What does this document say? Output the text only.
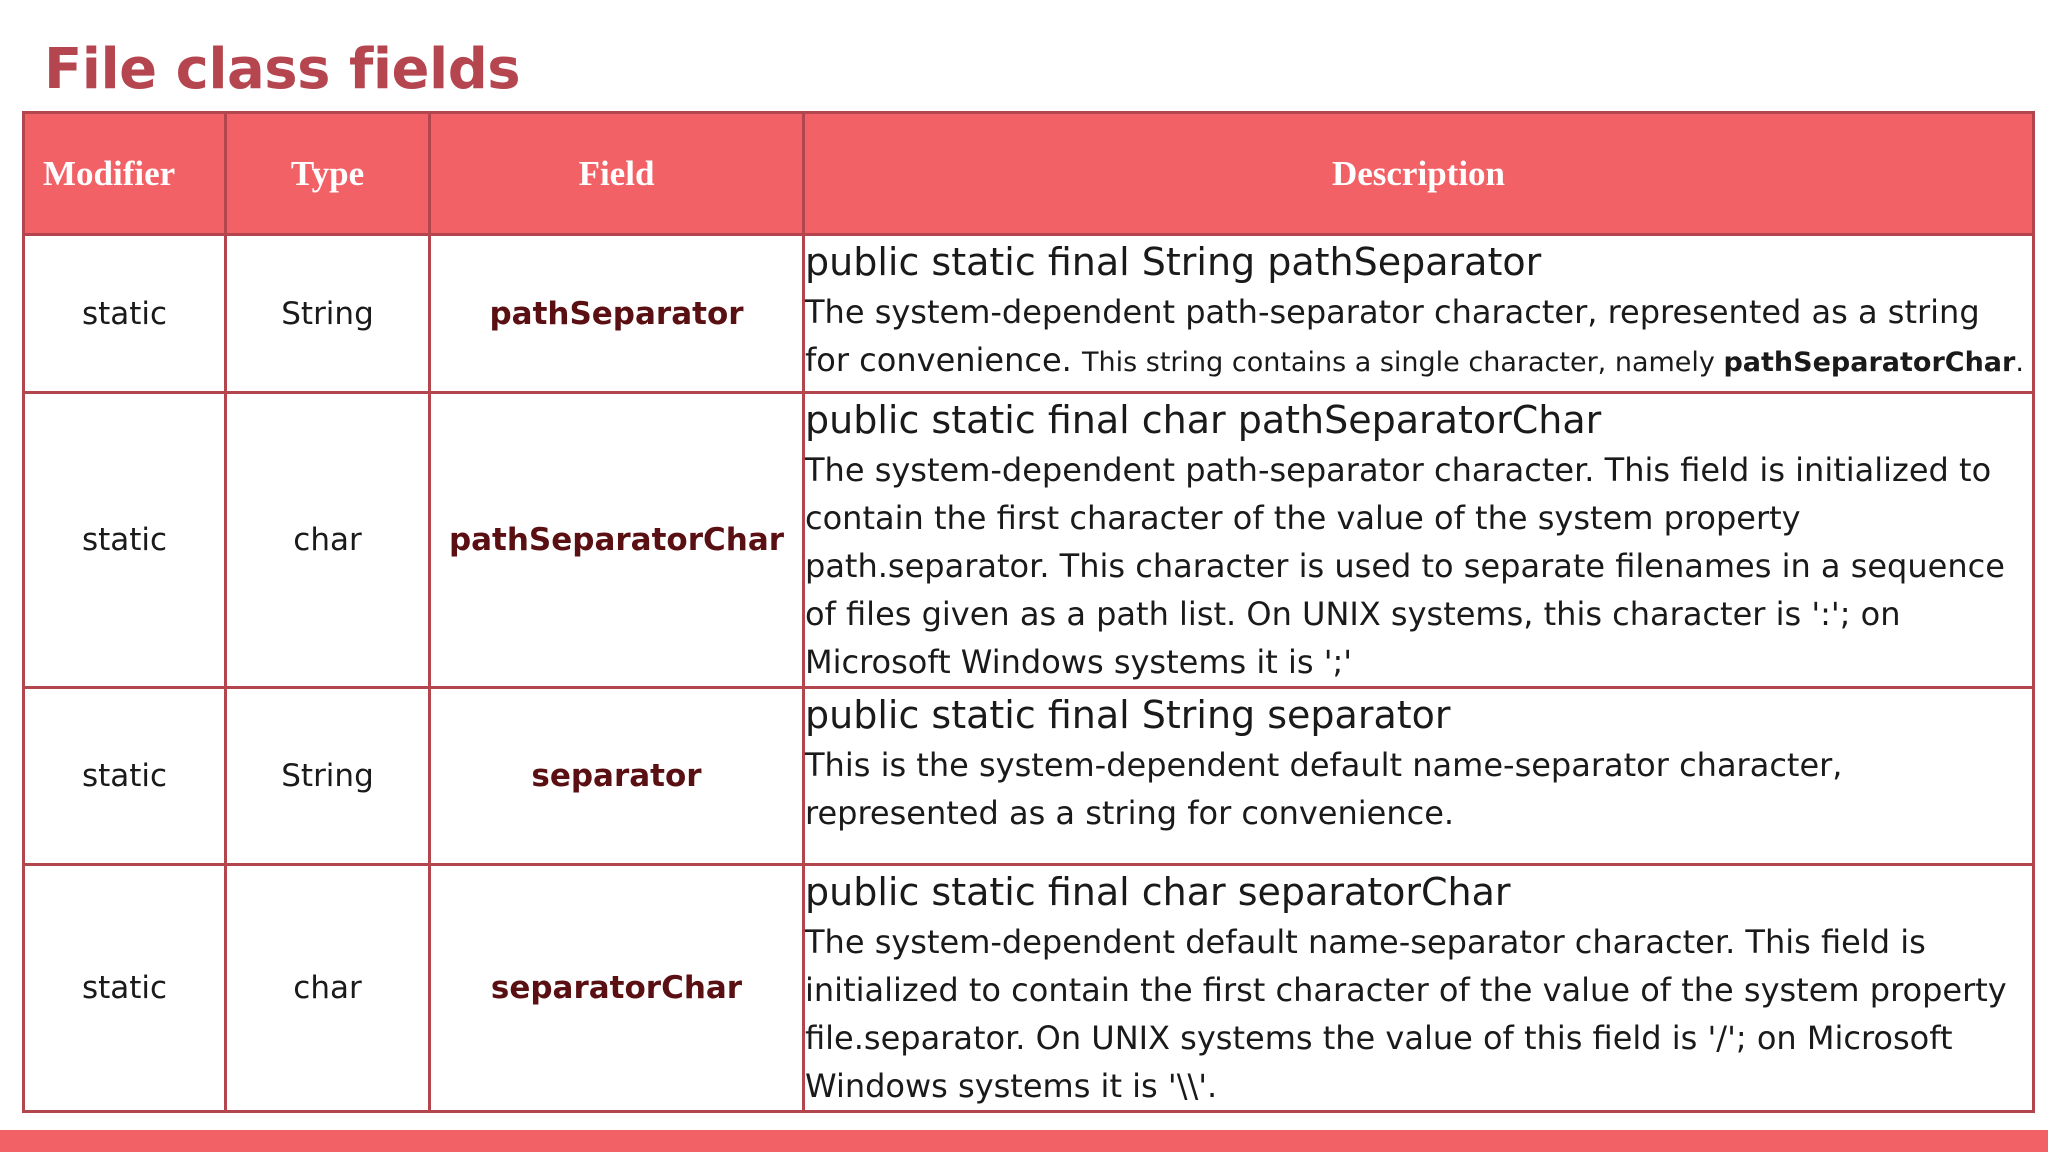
File class fields
Modifier	Type	Field	Description
static	String	pathSeparator	public static final String pathSeparator
The system-dependent path-separator character, represented as a string for convenience. This string contains a single character, namely pathSeparatorChar.

static	char	pathSeparatorChar	public static final char pathSeparatorChar
The system-dependent path-separator character. This field is initialized to contain the first character of the value of the system property path.separator. This character is used to separate filenames in a sequence of files given as a path list. On UNIX systems, this character is ':'; on Microsoft Windows systems it is ';'

static	String	separator	public static final String separator
This is the system-dependent default name-separator character, represented as a string for convenience.

static	char	separatorChar	public static final char separatorChar
The system-dependent default name-separator character. This field is initialized to contain the first character of the value of the system property file.separator. On UNIX systems the value of this field is '/'; on Microsoft Windows systems it is '\\'.
